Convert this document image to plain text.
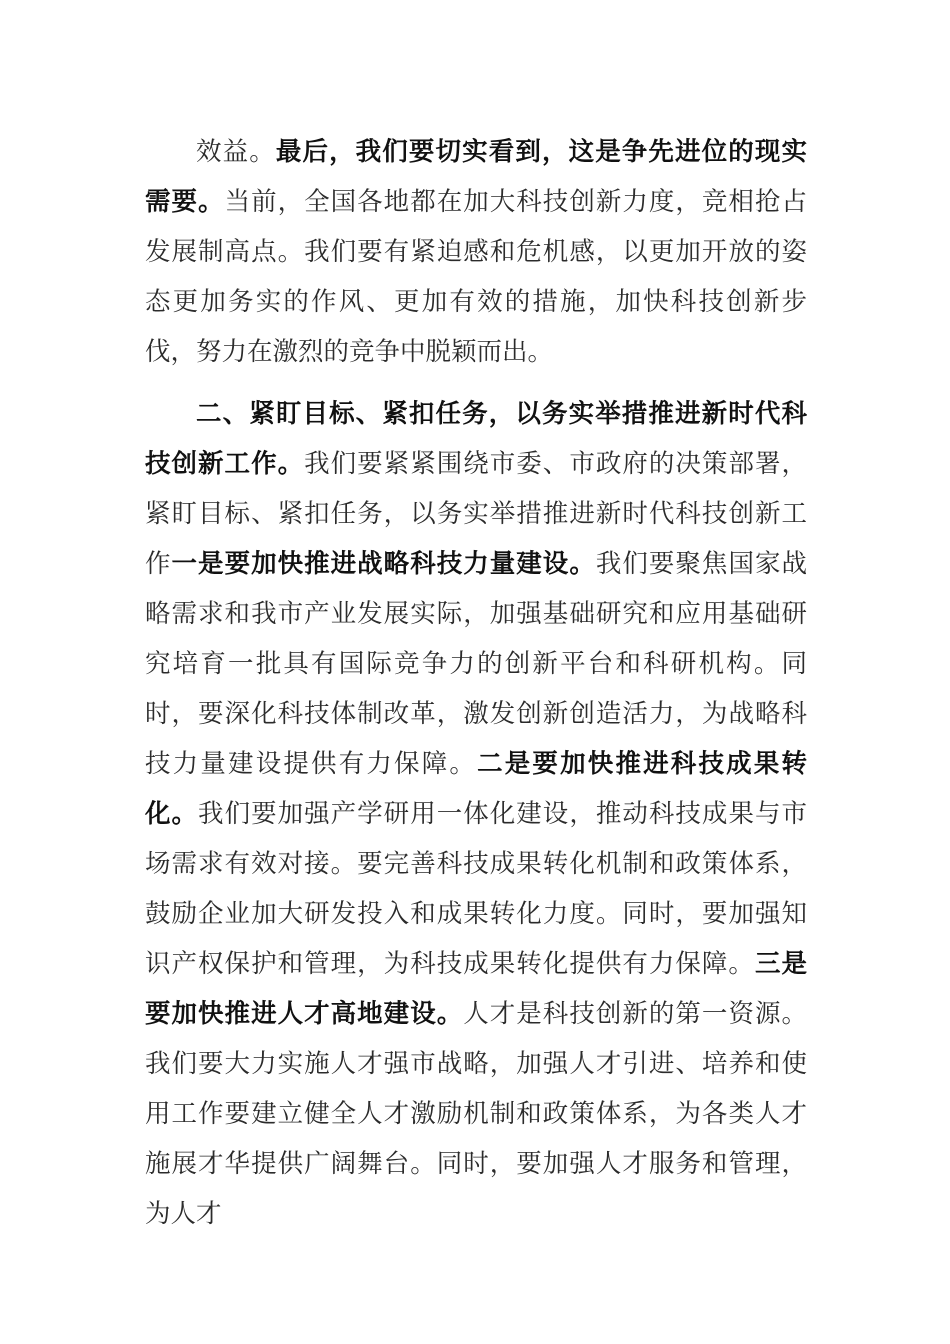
效益。最后，我们要切实看到，这是争先进位的现实需要。当前，全国各地都在加大科技创新力度，竞相抢占发展制高点。我们要有紧迫感和危机感，以更加开放的姿态更加务实的作风、更加有效的措施，加快科技创新步伐，努力在激烈的竞争中脱颖而出。

二、紧盯目标、紧扣任务，以务实举措推进新时代科技创新工作。我们要紧紧围绕市委、市政府的决策部署，紧盯目标、紧扣任务，以务实举措推进新时代科技创新工作一是要加快推进战略科技力量建设。我们要聚焦国家战略需求和我市产业发展实际，加强基础研究和应用基础研究培育一批具有国际竞争力的创新平台和科研机构。同时，要深化科技体制改革，激发创新创造活力，为战略科技力量建设提供有力保障。二是要加快推进科技成果转化。我们要加强产学研用一体化建设，推动科技成果与市场需求有效对接。要完善科技成果转化机制和政策体系，鼓励企业加大研发投入和成果转化力度。同时，要加强知识产权保护和管理，为科技成果转化提供有力保障。三是要加快推进人才高地建设。人才是科技创新的第一资源。我们要大力实施人才强市战略，加强人才引进、培养和使用工作要建立健全人才激励机制和政策体系，为各类人才施展才华提供广阔舞台。同时，要加强人才服务和管理，为人才
